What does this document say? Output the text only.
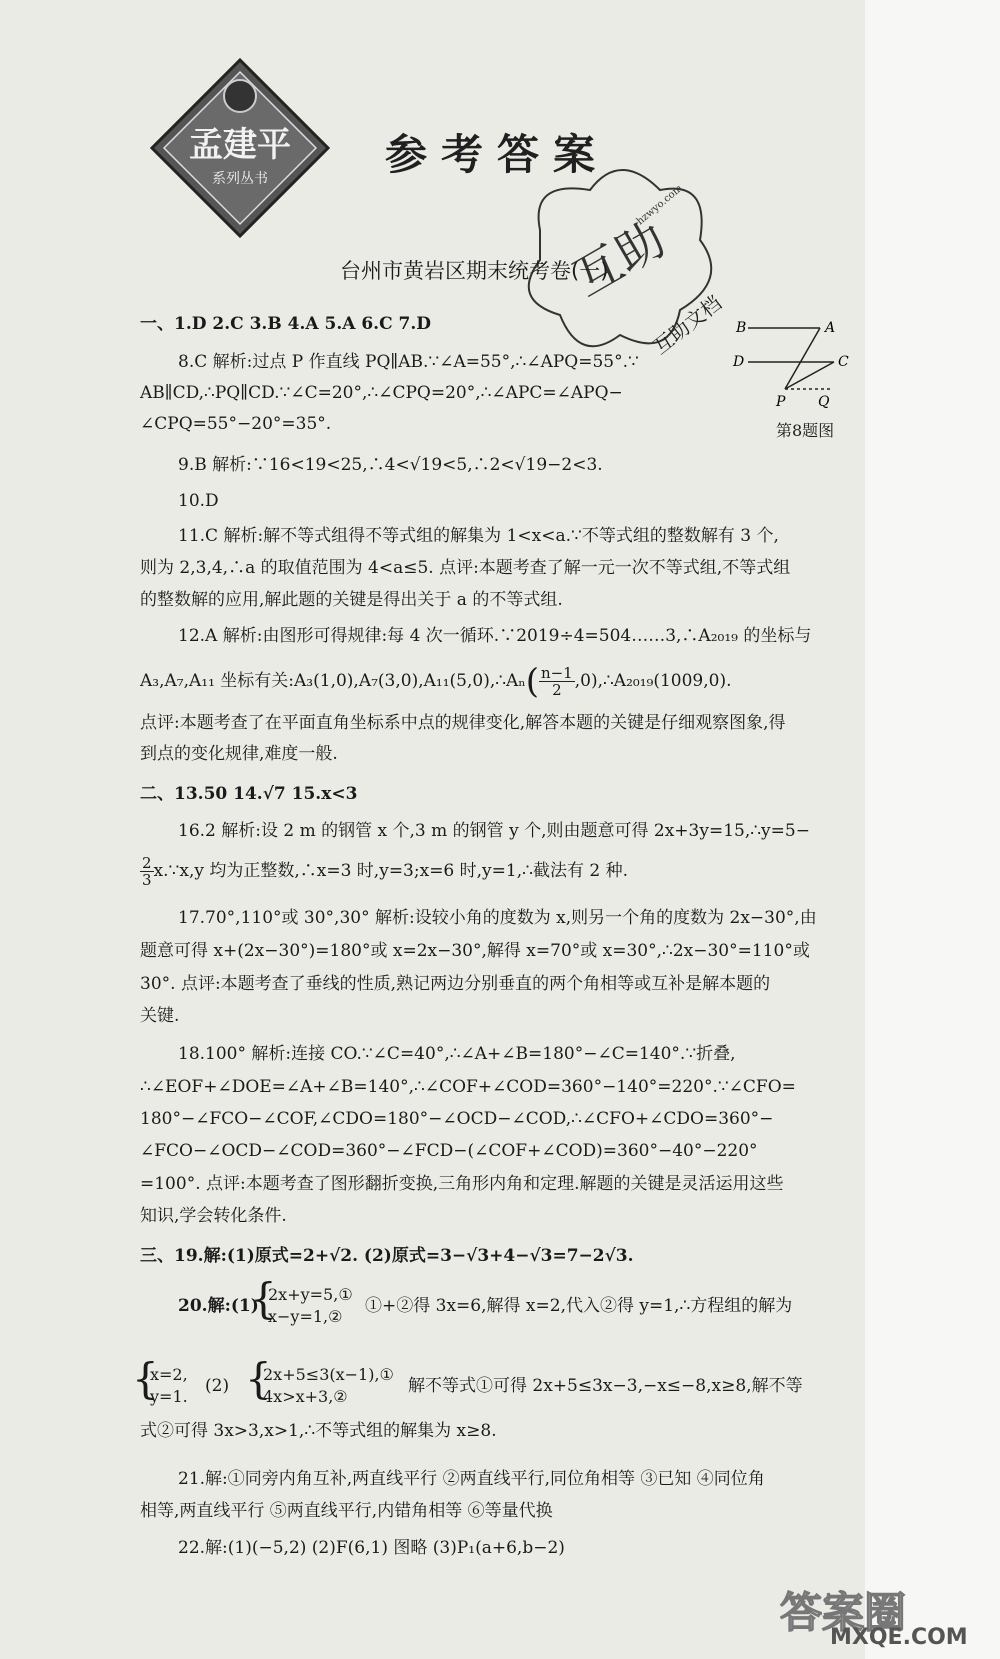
孟建平
系列丛书	参考答案
互助
hzwyo.com
互助文档
台州市黄岩区期末统考卷(一)
B	A
D	C
P Q
第8题图
一、1.D 2.C 3.B 4.A 5.A 6.C 7.D
8.C 解析:过点 P 作直线 PQ∥AB.∵∠A=55°,∴∠APQ=55°.∵
AB∥CD,∴PQ∥CD.∵∠C=20°,∴∠CPQ=20°,∴∠APC=∠APQ−
∠CPQ=55°−20°=35°.
9.B 解析:∵16<19<25,∴4<√19<5,∴2<√19−2<3.
10.D
11.C 解析:解不等式组得不等式组的解集为 1<x<a.∵不等式组的整数解有 3 个,
则为 2,3,4,∴a 的取值范围为 4<a≤5. 点评:本题考查了解一元一次不等式组,不等式组
的整数解的应用,解此题的关键是得出关于 a 的不等式组.
12.A 解析:由图形可得规律:每 4 次一循环.∵2019÷4=504……3,∴A₂₀₁₉ 的坐标与
A₃,A₇,A₁₁ 坐标有关:A₃(1,0),A₇(3,0),A₁₁(5,0),∴Aₙ( $\frac{n-1}{2}$ ,0),∴A₂₀₁₉(1009,0).
点评:本题考查了在平面直角坐标系中点的规律变化,解答本题的关键是仔细观察图象,得
到点的变化规律,难度一般.
二、13.50 14.√7 15.x<3
16.2 解析:设 2 m 的钢管 x 个,3 m 的钢管 y 个,则由题意可得 2x+3y=15,∴y=5−
$\frac{2}{3}$ x.∵x,y 均为正整数,∴x=3 时,y=3;x=6 时,y=1,∴截法有 2 种.
17.70°,110°或 30°,30° 解析:设较小角的度数为 x,则另一个角的度数为 2x−30°,由
题意可得 x+(2x−30°)=180°或 x=2x−30°,解得 x=70°或 x=30°,∴2x−30°=110°或
30°. 点评:本题考查了垂线的性质,熟记两边分别垂直的两个角相等或互补是解本题的
关键.
18.100° 解析:连接 CO.∵∠C=40°,∴∠A+∠B=180°−∠C=140°.∵折叠,
∴∠EOF+∠DOE=∠A+∠B=140°,∴∠COF+∠COD=360°−140°=220°.∵∠CFO=
180°−∠FCO−∠COF,∠CDO=180°−∠OCD−∠COD,∴∠CFO+∠CDO=360°−
∠FCO−∠OCD−∠COD=360°−∠FCD−(∠COF+∠COD)=360°−40°−220°
=100°. 点评:本题考查了图形翻折变换,三角形内角和定理.解题的关键是灵活运用这些
知识,学会转化条件.
三、19.解:(1)原式=2+√2. (2)原式=3−√3+4−√3=7−2√3.
20.解:(1)
{
2x+y=5,①
x−y=1,②
①+②得 3x=6,解得 x=2,代入②得 y=1,∴方程组的解为
{
x=2,
y=1.
(2) {
2x+5≤3(x−1),①
4x>x+3,②
解不等式①可得 2x+5≤3x−3,−x≤−8,x≥8,解不等
式②可得 3x>3,x>1,∴不等式组的解集为 x≥8.
21.解:①同旁内角互补,两直线平行 ②两直线平行,同位角相等 ③已知 ④同位角
相等,两直线平行 ⑤两直线平行,内错角相等 ⑥等量代换
22.解:(1)(−5,2) (2)F(6,1) 图略 (3)P₁(a+6,b−2)
答案圈
MXQE.COM
